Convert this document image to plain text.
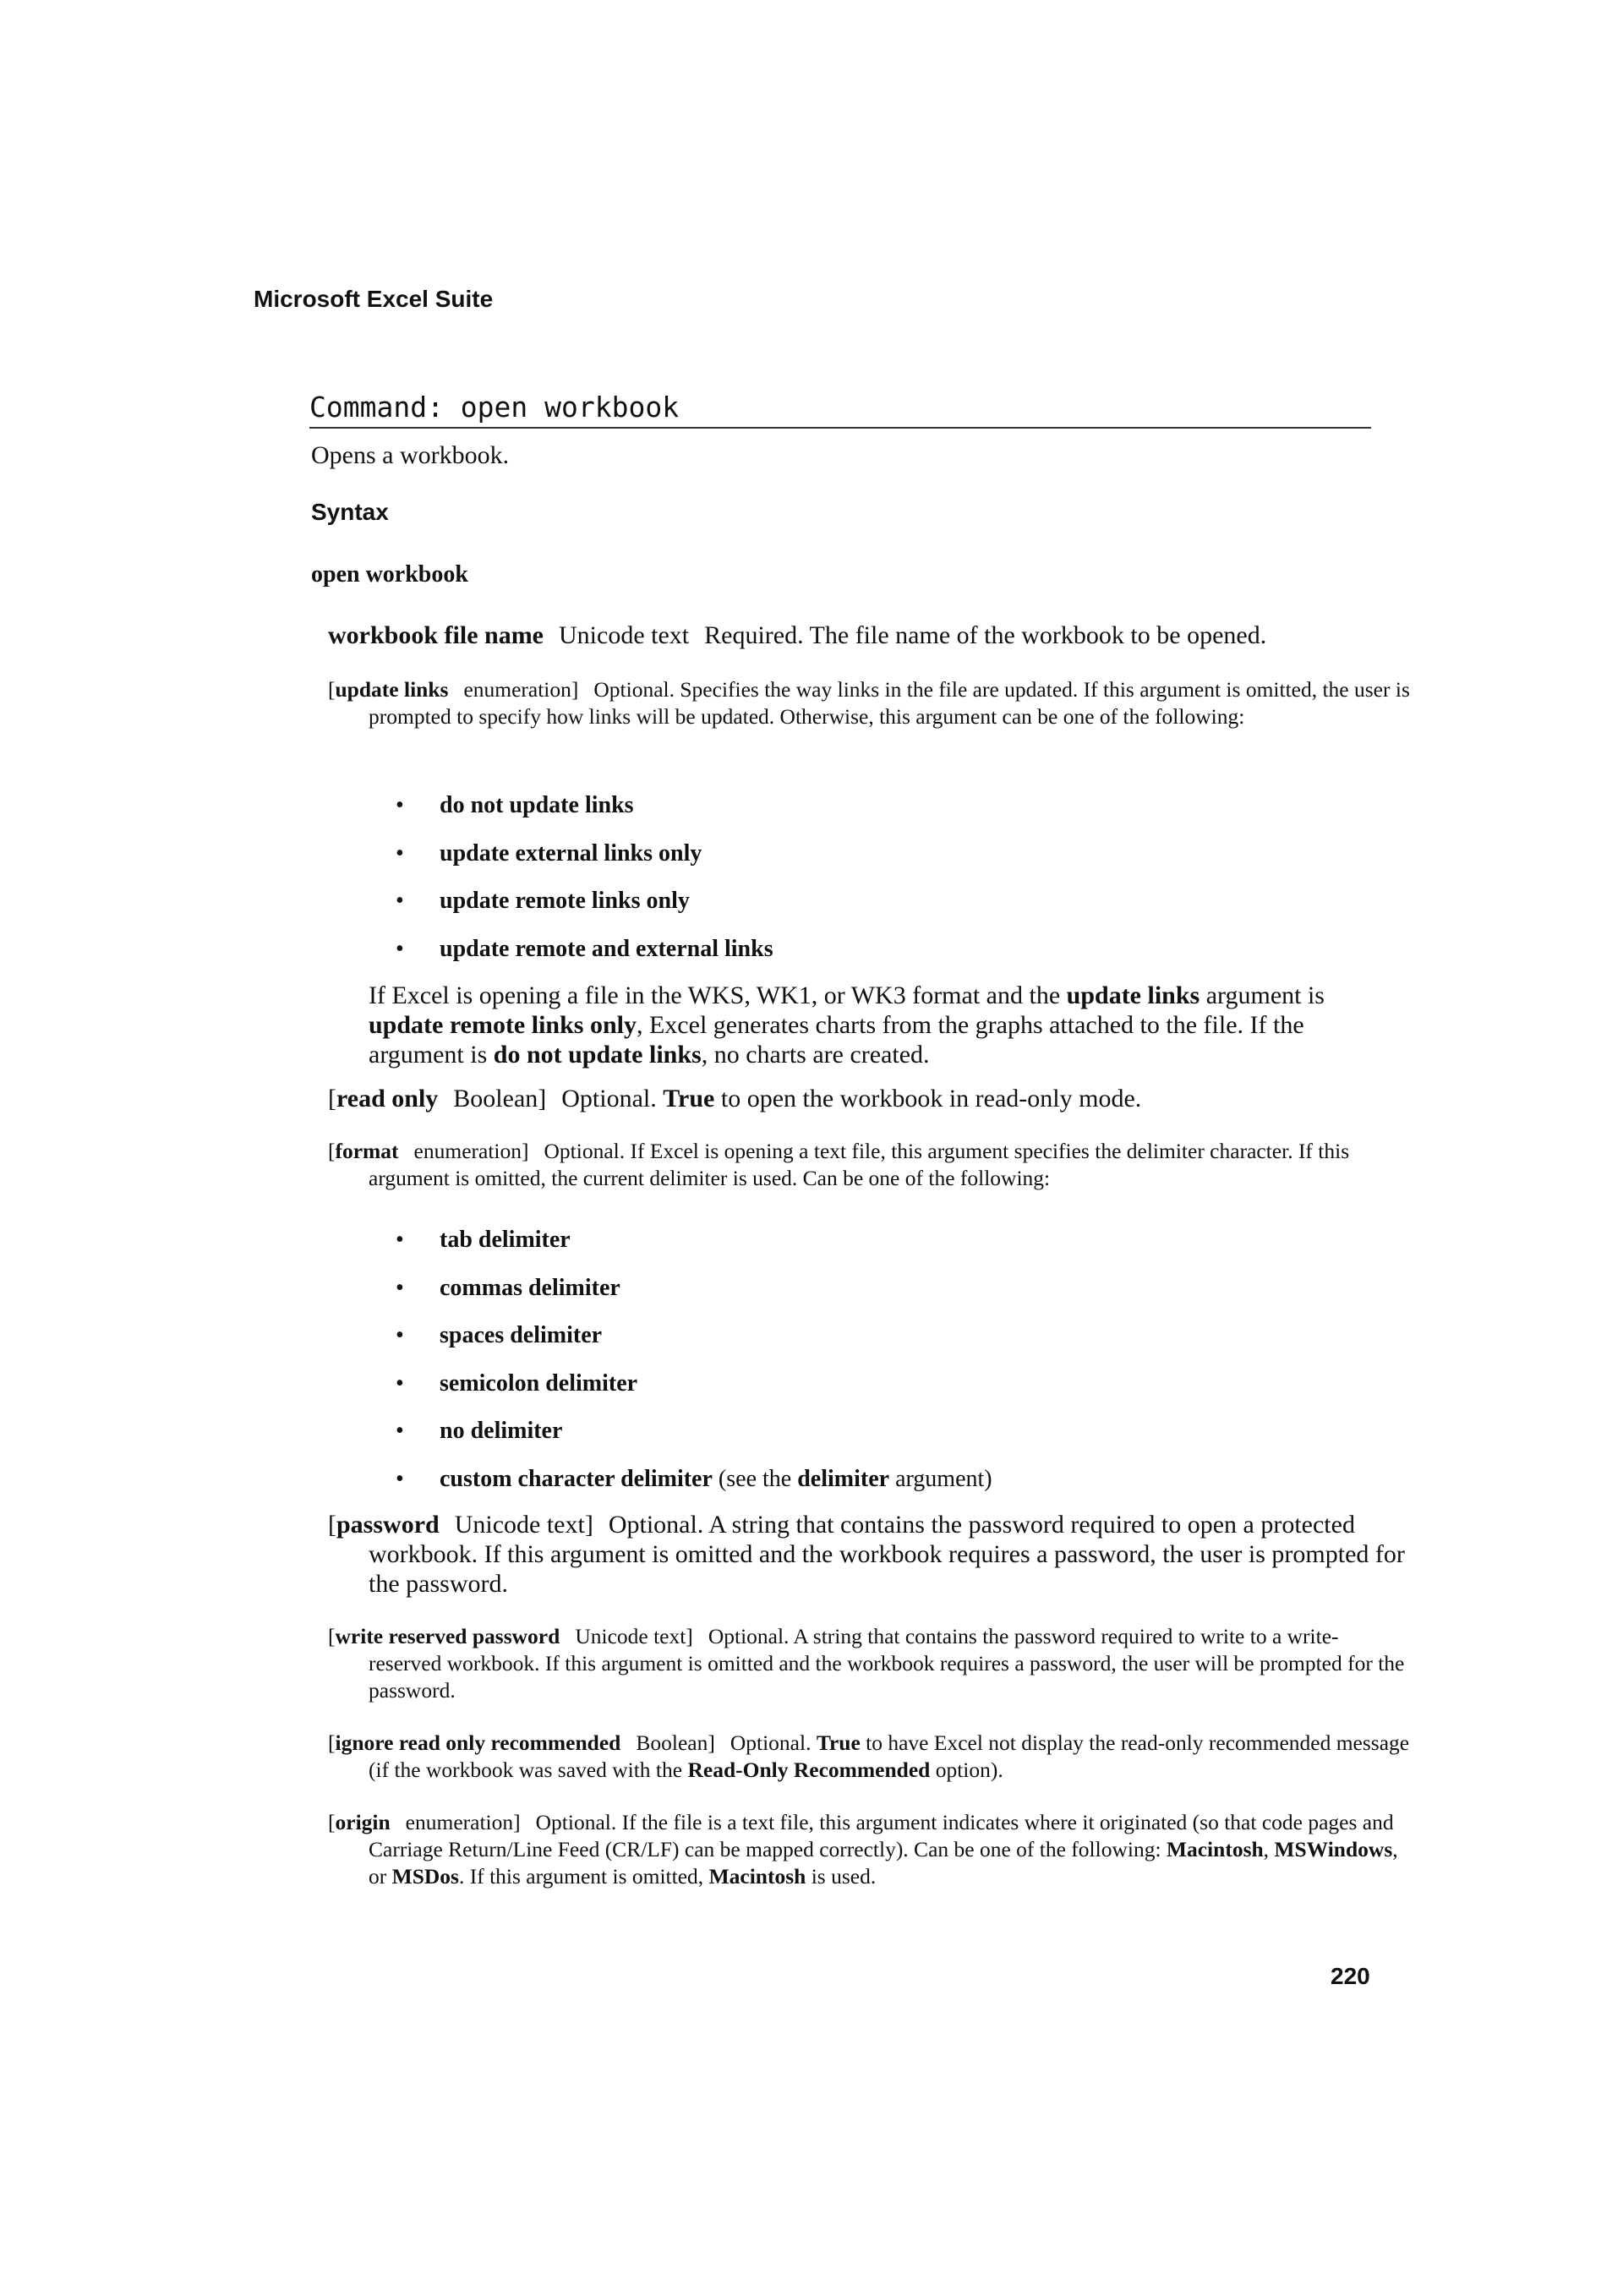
Microsoft Excel Suite
Command: open workbook
Opens a workbook.
Syntax
open workbook
workbook file name Unicode text Required. The file name of the workbook to be opened.
[update links enumeration] Optional. Specifies the way links in the file are updated. If this argument is omitted, the user is prompted to specify how links will be updated. Otherwise, this argument can be one of the following:
• do not update links
• update external links only
• update remote links only
• update remote and external links
If Excel is opening a file in the WKS, WK1, or WK3 format and the update links argument is update remote links only, Excel generates charts from the graphs attached to the file. If the argument is do not update links, no charts are created.
[read only Boolean] Optional. True to open the workbook in read-only mode.
[format enumeration] Optional. If Excel is opening a text file, this argument specifies the delimiter character. If this argument is omitted, the current delimiter is used. Can be one of the following:
• tab delimiter
• commas delimiter
• spaces delimiter
• semicolon delimiter
• no delimiter
• custom character delimiter (see the delimiter argument)
[password Unicode text] Optional. A string that contains the password required to open a protected workbook. If this argument is omitted and the workbook requires a password, the user is prompted for the password.
[write reserved password Unicode text] Optional. A string that contains the password required to write to a write-reserved workbook. If this argument is omitted and the workbook requires a password, the user will be prompted for the password.
[ignore read only recommended Boolean] Optional. True to have Excel not display the read-only recommended message (if the workbook was saved with the Read-Only Recommended option).
[origin enumeration] Optional. If the file is a text file, this argument indicates where it originated (so that code pages and Carriage Return/Line Feed (CR/LF) can be mapped correctly). Can be one of the following: Macintosh, MSWindows, or MSDos. If this argument is omitted, Macintosh is used.
220
